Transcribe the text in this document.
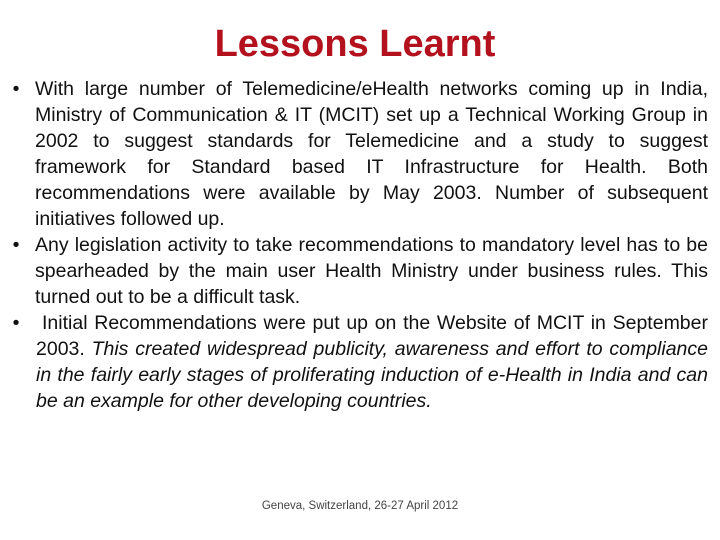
Lessons Learnt
• With large number of Telemedicine/eHealth networks coming up in India, Ministry of Communication & IT (MCIT) set up a Technical Working Group in 2002 to suggest standards for Telemedicine and a study to suggest framework for Standard based IT Infrastructure for Health. Both recommendations were available by May 2003. Number of subsequent initiatives followed up.
• Any legislation activity to take recommendations to mandatory level has to be spearheaded by the main user Health Ministry under business rules. This turned out to be a difficult task.
•	Initial Recommendations were put up on the Website of MCIT in September 2003. This created widespread publicity, awareness and effort to compliance in the fairly early stages of proliferating induction of e-Health in India and can be an example for other developing countries.
Geneva, Switzerland, 26-27 April 2012
